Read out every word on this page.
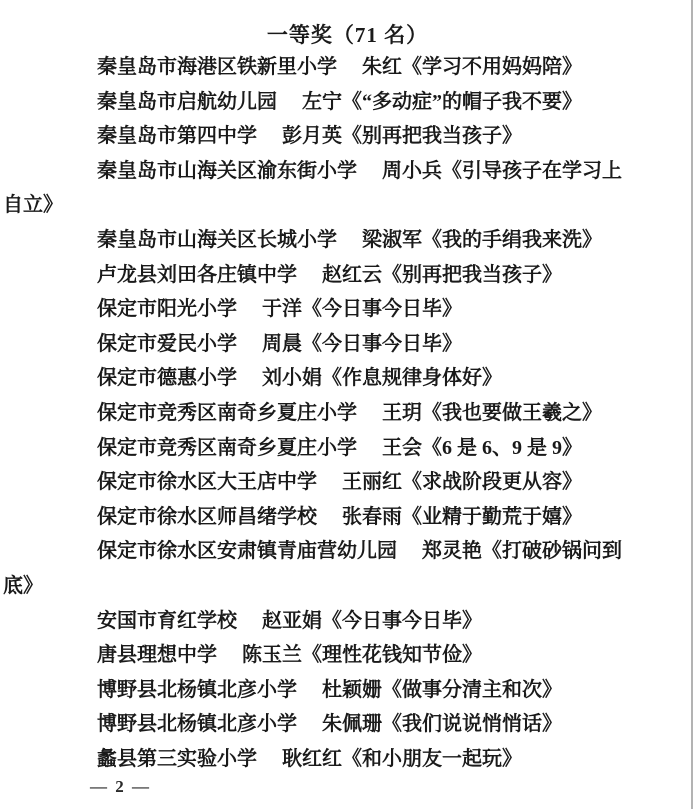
一等奖（71 名）
秦皇岛市海港区铁新里小学 朱红《学习不用妈妈陪》
秦皇岛市启航幼儿园 左宁《“多动症”的帽子我不要》
秦皇岛市第四中学 彭月英《别再把我当孩子》
秦皇岛市山海关区渝东街小学 周小兵《引导孩子在学习上
自立》
秦皇岛市山海关区长城小学 梁淑军《我的手绢我来洗》
卢龙县刘田各庄镇中学 赵红云《别再把我当孩子》
保定市阳光小学 于洋《今日事今日毕》
保定市爱民小学 周晨《今日事今日毕》
保定市德惠小学 刘小娟《作息规律身体好》
保定市竞秀区南奇乡夏庄小学 王玥《我也要做王羲之》
保定市竞秀区南奇乡夏庄小学 王会《6 是 6、9 是 9》
保定市徐水区大王店中学 王丽红《求战阶段更从容》
保定市徐水区师昌绪学校 张春雨《业精于勤荒于嬉》
保定市徐水区安肃镇青庙营幼儿园 郑灵艳《打破砂锅问到
底》
安国市育红学校 赵亚娟《今日事今日毕》
唐县理想中学 陈玉兰《理性花钱知节俭》
博野县北杨镇北彦小学 杜颖姗《做事分清主和次》
博野县北杨镇北彦小学 朱佩珊《我们说说悄悄话》
蠡县第三实验小学 耿红红《和小朋友一起玩》
— 2 —
